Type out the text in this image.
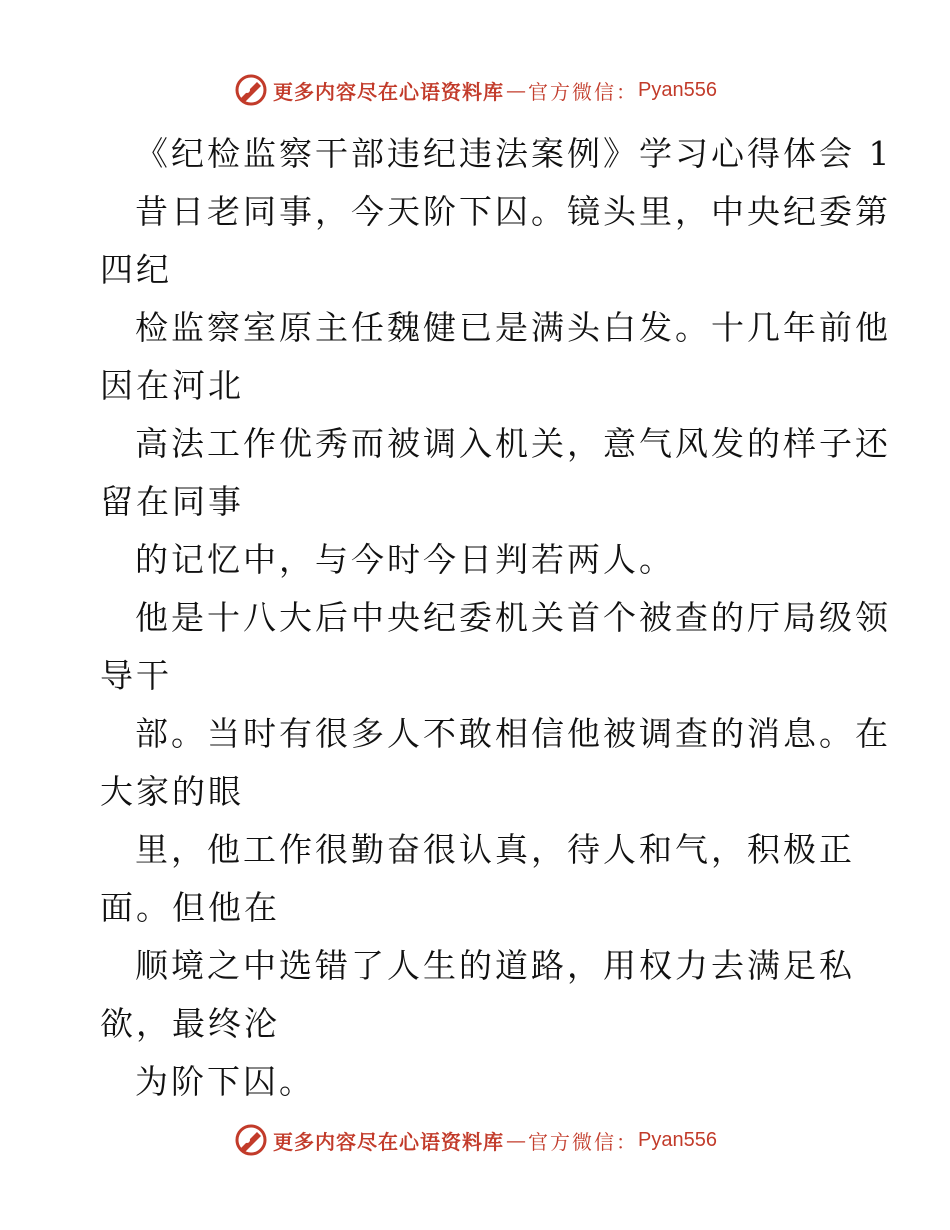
更多内容尽在心语资料库 — 官方微信： Pyan556
《纪检监察干部违纪违法案例》学习心得体会 1
昔日老同事，今天阶下囚。镜头里，中央纪委第
四纪
检监察室原主任魏健已是满头白发。十几年前他
因在河北
高法工作优秀而被调入机关，意气风发的样子还
留在同事
的记忆中，与今时今日判若两人。
他是十八大后中央纪委机关首个被查的厅局级领
导干
部。当时有很多人不敢相信他被调查的消息。在
大家的眼
里，他工作很勤奋很认真，待人和气，积极正
面。但他在
顺境之中选错了人生的道路，用权力去满足私
欲，最终沦
为阶下囚。
更多内容尽在心语资料库 — 官方微信： Pyan556
